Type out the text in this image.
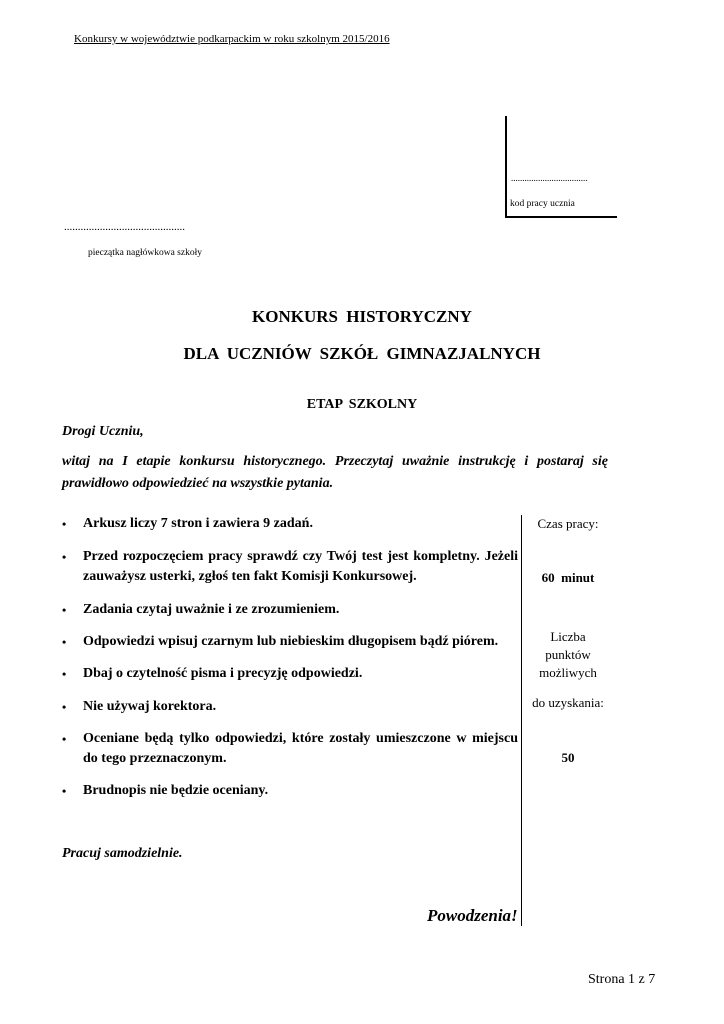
Konkursy w województwie podkarpackim w roku szkolnym 2015/2016
..................................
kod pracy ucznia
............................................
pieczątka nagłówkowa szkoły
KONKURS HISTORYCZNY
DLA UCZNIÓW SZKÓŁ GIMNAZJALNYCH
ETAP SZKOLNY
Drogi Uczniu,
witaj na I etapie konkursu historycznego. Przeczytaj uważnie instrukcję i postaraj się prawidłowo odpowiedzieć na wszystkie pytania.
• Arkusz liczy 7 stron i zawiera 9 zadań.
• Przed rozpoczęciem pracy sprawdź czy Twój test jest kompletny. Jeżeli zauważysz usterki, zgłoś ten fakt Komisji Konkursowej.
• Zadania czytaj uważnie i ze zrozumieniem.
• Odpowiedzi wpisuj czarnym lub niebieskim długopisem bądź piórem.
• Dbaj o czytelność pisma i precyzję odpowiedzi.
• Nie używaj korektora.
• Oceniane będą tylko odpowiedzi, które zostały umieszczone w miejscu do tego przeznaczonym.
• Brudnopis nie będzie oceniany.
Czas pracy:
60  minut
Liczba
punktów
możliwych
do uzyskania:
50
Pracuj samodzielnie.
Powodzenia!
Strona 1 z 7
